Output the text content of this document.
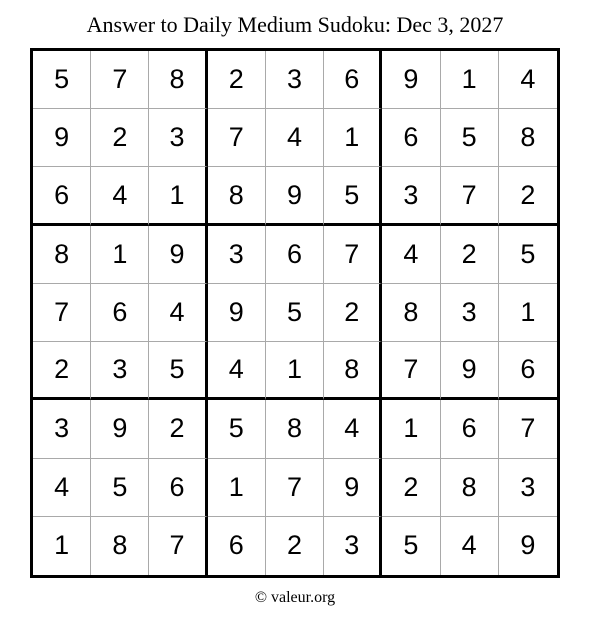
Answer to Daily Medium Sudoku: Dec 3, 2027
5	7	8	2	3	6	9	1	4
9	2	3	7	4	1	6	5	8
6	4	1	8	9	5	3	7	2
8	1	9	3	6	7	4	2	5
7	6	4	9	5	2	8	3	1
2	3	5	4	1	8	7	9	6
3	9	2	5	8	4	1	6	7
4	5	6	1	7	9	2	8	3
1	8	7	6	2	3	5	4	9
© valeur.org
